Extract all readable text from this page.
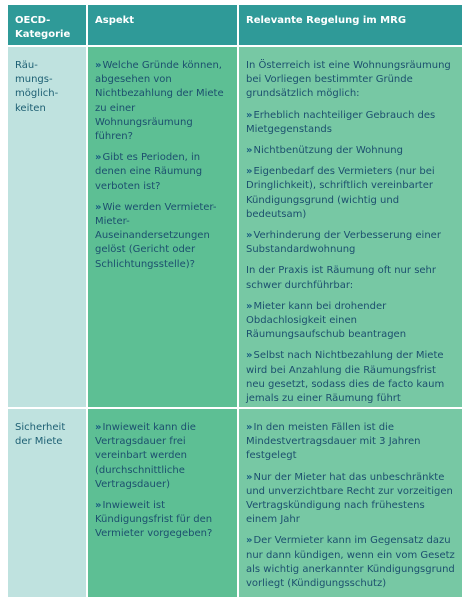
OECD-
Kategorie
Aspekt	Relevante Regelung im MRG
Räu-
mungs-
möglich-
keiten

» Welche Gründe können, abgesehen von Nichtbezahlung der Miete zu einer Wohnungsräumung führen?

» Gibt es Perioden, in denen eine Räumung verboten ist?

» Wie werden Vermieter-Mieter-Auseinandersetzungen gelöst (Gericht oder Schlichtungsstelle)?

In Österreich ist eine Wohnungsräumung bei Vorliegen bestimmter Gründe grundsätzlich möglich:

» Erheblich nachteiliger Gebrauch des Mietgegenstands

» Nichtbenützung der Wohnung

» Eigenbedarf des Vermieters (nur bei Dringlichkeit), schriftlich vereinbarter Kündigungsgrund (wichtig und bedeutsam)

» Verhinderung der Verbesserung einer Substandardwohnung

In der Praxis ist Räumung oft nur sehr schwer durchführbar:

» Mieter kann bei drohender Obdachlosigkeit einen Räumungsaufschub beantragen

» Selbst nach Nichtbezahlung der Miete wird bei Anzahlung die Räumungsfrist neu gesetzt, sodass dies de facto kaum jemals zu einer Räumung führt

Sicherheit
der Miete

» Inwieweit kann die Vertragsdauer frei vereinbart werden (durchschnittliche Vertragsdauer)

» Inwieweit ist Kündigungsfrist für den Vermieter vorgegeben?

» In den meisten Fällen ist die Mindestvertragsdauer mit 3 Jahren festgelegt

» Nur der Mieter hat das unbeschränkte und unverzichtbare Recht zur vorzeitigen Vertragskündigung nach frühestens einem Jahr

» Der Vermieter kann im Gegensatz dazu nur dann kündigen, wenn ein vom Gesetz als wichtig anerkannter Kündigungsgrund vorliegt (Kündigungsschutz)
